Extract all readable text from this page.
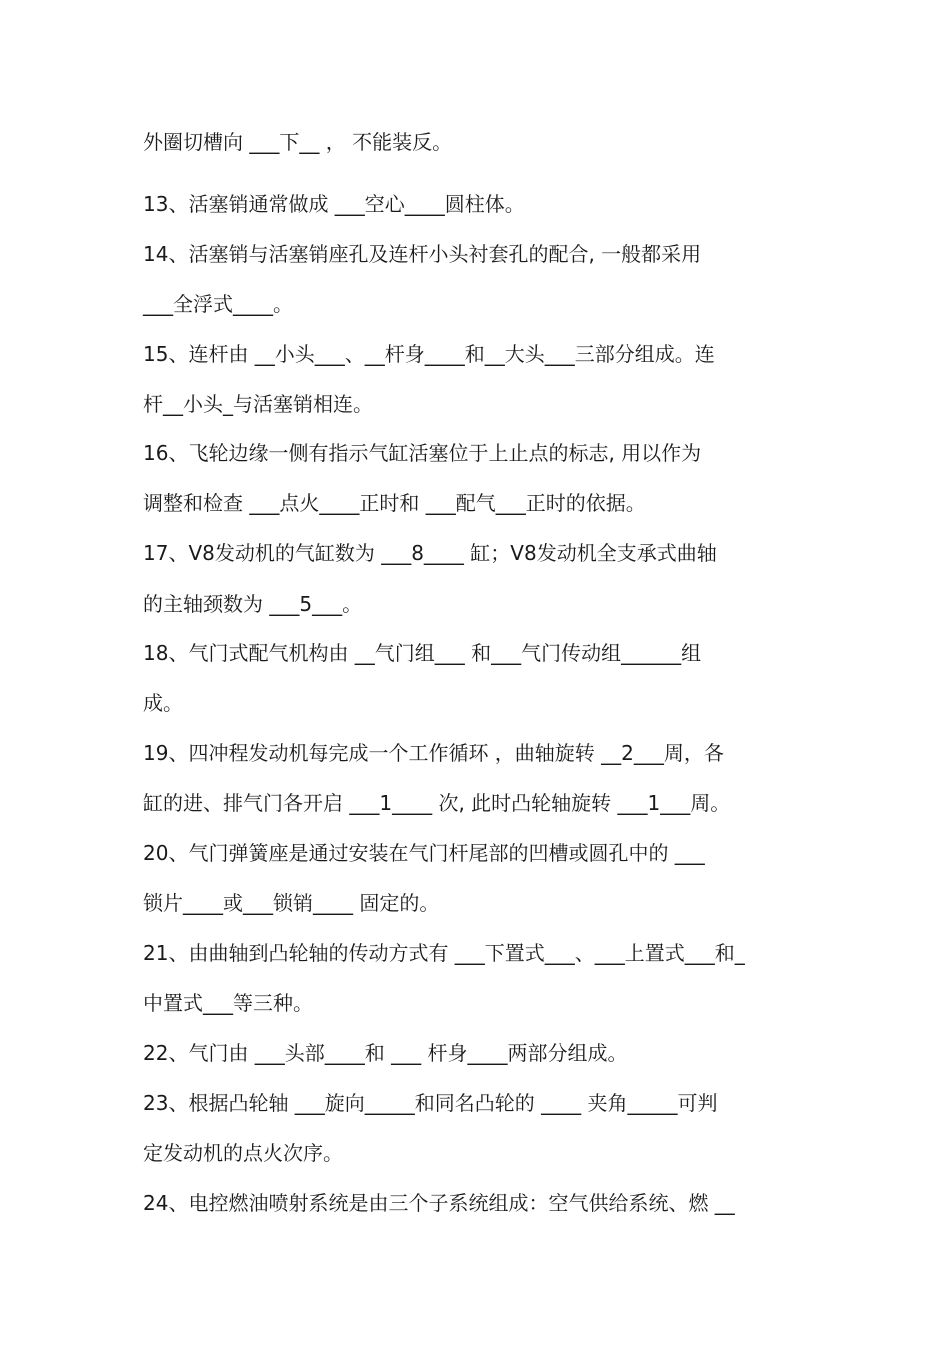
外圈切槽向 ___下__ ， 不能装反。
13、活塞销通常做成 ___空心____圆柱体。
14、活塞销与活塞销座孔及连杆小头衬套孔的配合, 一般都采用
___全浮式____。
15、连杆由 __小头___、__杆身____和__大头___三部分组成。连
杆__小头_与活塞销相连。
16、飞轮边缘一侧有指示气缸活塞位于上止点的标志, 用以作为
调整和检查 ___点火____正时和 ___配气___正时的依据。
17、V8发动机的气缸数为 ___8____ 缸；V8发动机全支承式曲轴
的主轴颈数为 ___5___。
18、气门式配气机构由 __气门组___ 和___气门传动组______组
成。
19、四冲程发动机每完成一个工作循环 ，曲轴旋转 __2___周，各
缸的进、排气门各开启 ___1____ 次, 此时凸轮轴旋转 ___1___周。
20、气门弹簧座是通过安装在气门杆尾部的凹槽或圆孔中的 ___
锁片____或___锁销____ 固定的。
21、由曲轴到凸轮轴的传动方式有 ___下置式___、___上置式___和_
中置式___等三种。
22、气门由 ___头部____和 ___ 杆身____两部分组成。
23、根据凸轮轴 ___旋向_____和同名凸轮的 ____ 夹角_____可判
定发动机的点火次序。
24、电控燃油喷射系统是由三个子系统组成：空气供给系统、燃 __
